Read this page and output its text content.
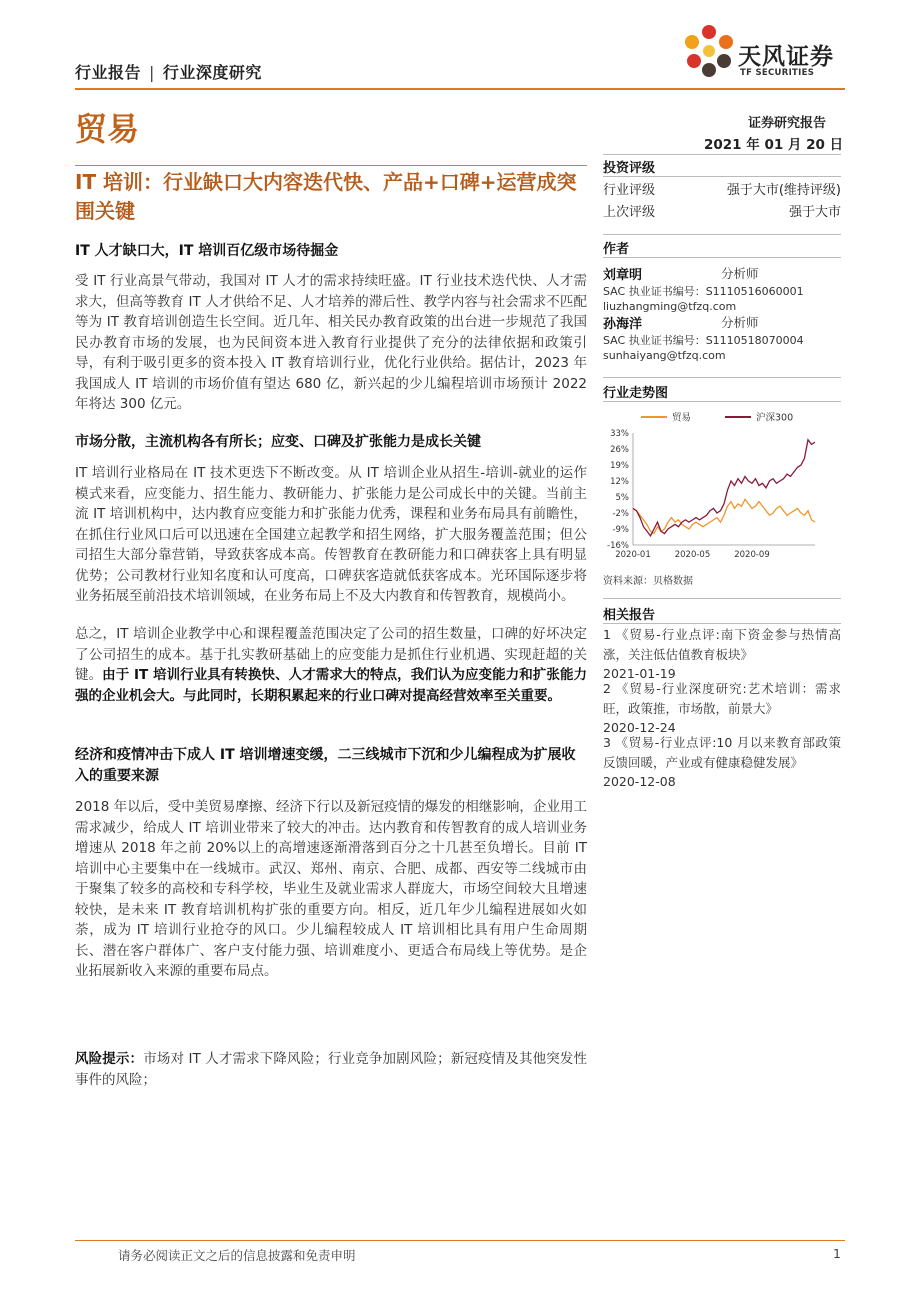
行业报告 | 行业深度研究
天风证券
TF SECURITIES
贸易	证券研究报告
2021 年 01 月 20 日
IT 培训：行业缺口大内容迭代快、产品+口碑+运营成突围关键
IT 人才缺口大，IT 培训百亿级市场待掘金
受 IT 行业高景气带动，我国对 IT 人才的需求持续旺盛。IT 行业技术迭代快、人才需求大，但高等教育 IT 人才供给不足、人才培养的滞后性、教学内容与社会需求不匹配等为 IT 教育培训创造生长空间。近几年、相关民办教育政策的出台进一步规范了我国民办教育市场的发展，也为民间资本进入教育行业提供了充分的法律依据和政策引导，有利于吸引更多的资本投入 IT 教育培训行业，优化行业供给。据估计，2023 年我国成人 IT 培训的市场价值有望达 680 亿，新兴起的少儿编程培训市场预计 2022 年将达 300 亿元。
市场分散，主流机构各有所长；应变、口碑及扩张能力是成长关键
IT 培训行业格局在 IT 技术更迭下不断改变。从 IT 培训企业从招生-培训-就业的运作模式来看，应变能力、招生能力、教研能力、扩张能力是公司成长中的关键。当前主流 IT 培训机构中，达内教育应变能力和扩张能力优秀，课程和业务布局具有前瞻性，在抓住行业风口后可以迅速在全国建立起教学和招生网络，扩大服务覆盖范围；但公司招生大部分靠营销，导致获客成本高。传智教育在教研能力和口碑获客上具有明显优势；公司教材行业知名度和认可度高，口碑获客造就低获客成本。光环国际逐步将业务拓展至前沿技术培训领域，在业务布局上不及大内教育和传智教育，规模尚小。
总之，IT 培训企业教学中心和课程覆盖范围决定了公司的招生数量，口碑的好坏决定了公司招生的成本。基于扎实教研基础上的应变能力是抓住行业机遇、实现赶超的关键。由于 IT 培训行业具有转换快、人才需求大的特点，我们认为应变能力和扩张能力强的企业机会大。与此同时，长期积累起来的行业口碑对提高经营效率至关重要。
经济和疫情冲击下成人 IT 培训增速变缓，二三线城市下沉和少儿编程成为扩展收入的重要来源
2018 年以后，受中美贸易摩擦、经济下行以及新冠疫情的爆发的相继影响，企业用工需求减少，给成人 IT 培训业带来了较大的冲击。达内教育和传智教育的成人培训业务增速从 2018 年之前 20%以上的高增速逐渐滑落到百分之十几甚至负增长。目前 IT 培训中心主要集中在一线城市。武汉、郑州、南京、合肥、成都、西安等二线城市由于聚集了较多的高校和专科学校，毕业生及就业需求人群庞大，市场空间较大且增速较快，是未来 IT 教育培训机构扩张的重要方向。相反，近几年少儿编程进展如火如荼，成为 IT 培训行业抢夺的风口。少儿编程较成人 IT 培训相比具有用户生命周期长、潜在客户群体广、客户支付能力强、培训难度小、更适合布局线上等优势。是企业拓展新收入来源的重要布局点。
风险提示：市场对 IT 人才需求下降风险；行业竞争加剧风险；新冠疫情及其他突发性事件的风险；
投资评级
行业评级	强于大市(维持评级)
上次评级	强于大市
作者
刘章明	分析师
SAC 执业证书编号：S1110516060001
liuzhangming@tfzq.com
孙海洋	分析师
SAC 执业证书编号：S1110518070004
sunhaiyang@tfzq.com
行业走势图
33%
26%
19%
12%
5%
-2%
-9%
-16%
2020-01	2020-05	2020-09
贸易	沪深300
资料来源：贝格数据
相关报告
1 《贸易-行业点评:南下资金参与热情高涨，关注低估值教育板块》
2021-01-19
2 《贸易-行业深度研究:艺术培训：需求旺，政策推，市场散，前景大》
2020-12-24
3 《贸易-行业点评:10 月以来教育部政策反馈回暖，产业或有健康稳健发展》
2020-12-08
请务必阅读正文之后的信息披露和免责申明	1
